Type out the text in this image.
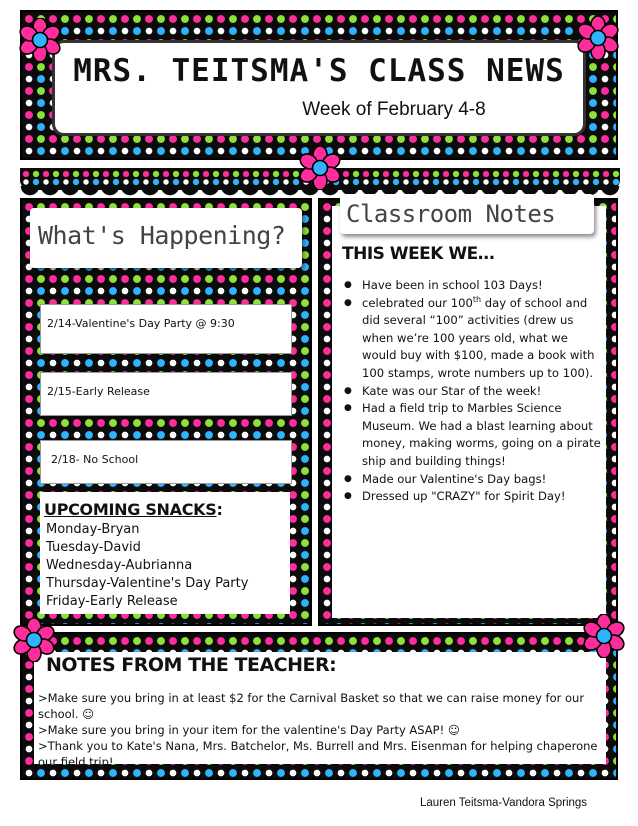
MRS. TEITSMA'S CLASS NEWS
Week of February 4-8
What's Happening?
2/14-Valentine's Day Party @ 9:30
2/15-Early Release
2/18- No School
UPCOMING SNACKS:
Monday-Bryan
Tuesday-David
Wednesday-Aubrianna
Thursday-Valentine's Day Party
Friday-Early Release
Classroom Notes
THIS WEEK WE…
● Have been in school 103 Days!
● celebrated our 100th day of school and did several “100” activities (drew us when we’re 100 years old, what we would buy with $100, made a book with 100 stamps, wrote numbers up to 100).
● Kate was our Star of the week!
● Had a field trip to Marbles Science Museum. We had a blast learning about money, making worms, going on a pirate ship and building things!
● Made our Valentine's Day bags!
● Dressed up "CRAZY" for Spirit Day!
NOTES FROM THE TEACHER:
>Make sure you bring in at least $2 for the Carnival Basket so that we can raise money for our school. ☺
>Make sure you bring in your item for the valentine's Day Party ASAP! ☺
>Thank you to Kate's Nana, Mrs. Batchelor, Ms. Burrell and Mrs. Eisenman for helping chaperone our field trip!
Lauren Teitsma-Vandora Springs
